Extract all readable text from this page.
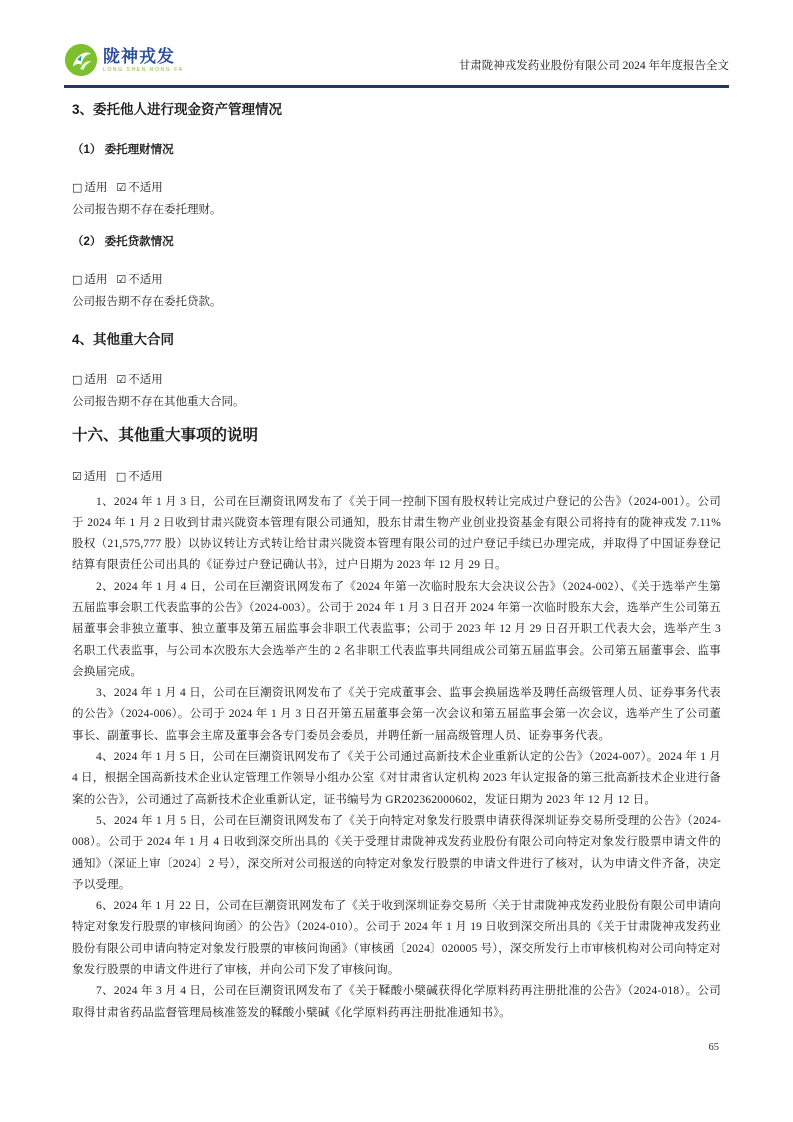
陇神戎发
LONG SHEN RONG FA	甘肃陇神戎发药业股份有限公司 2024 年年度报告全文
3、委托他人进行现金资产管理情况
（1） 委托理财情况
□ 适用 ☑ 不适用
公司报告期不存在委托理财。
（2） 委托贷款情况
□ 适用 ☑ 不适用
公司报告期不存在委托贷款。
4、其他重大合同
□ 适用 ☑ 不适用
公司报告期不存在其他重大合同。
十六、其他重大事项的说明
☑ 适用 □ 不适用

1、2024 年 1 月 3 日，公司在巨潮资讯网发布了《关于同一控制下国有股权转让完成过户登记的公告》（2024-001）。公司于 2024 年 1 月 2 日收到甘肃兴陇资本管理有限公司通知，股东甘肃生物产业创业投资基金有限公司将持有的陇神戎发 7.11%股权（21,575,777 股）以协议转让方式转让给甘肃兴陇资本管理有限公司的过户登记手续已办理完成，并取得了中国证券登记结算有限责任公司出具的《证券过户登记确认书》，过户日期为 2023 年 12 月 29 日。

2、2024 年 1 月 4 日，公司在巨潮资讯网发布了《2024 年第一次临时股东大会决议公告》（2024-002）、《关于选举产生第五届监事会职工代表监事的公告》（2024-003）。公司于 2024 年 1 月 3 日召开 2024 年第一次临时股东大会，选举产生公司第五届董事会非独立董事、独立董事及第五届监事会非职工代表监事；公司于 2023 年 12 月 29 日召开职工代表大会，选举产生 3 名职工代表监事，与公司本次股东大会选举产生的 2 名非职工代表监事共同组成公司第五届监事会。公司第五届董事会、监事会换届完成。

3、2024 年 1 月 4 日，公司在巨潮资讯网发布了《关于完成董事会、监事会换届选举及聘任高级管理人员、证券事务代表的公告》（2024-006）。公司于 2024 年 1 月 3 日召开第五届董事会第一次会议和第五届监事会第一次会议，选举产生了公司董事长、副董事长、监事会主席及董事会各专门委员会委员，并聘任新一届高级管理人员、证券事务代表。

4、2024 年 1 月 5 日，公司在巨潮资讯网发布了《关于公司通过高新技术企业重新认定的公告》（2024-007）。2024 年 1 月 4 日，根据全国高新技术企业认定管理工作领导小组办公室《对甘肃省认定机构 2023 年认定报备的第三批高新技术企业进行备案的公告》，公司通过了高新技术企业重新认定，证书编号为 GR202362000602，发证日期为 2023 年 12 月 12 日。

5、2024 年 1 月 5 日，公司在巨潮资讯网发布了《关于向特定对象发行股票申请获得深圳证券交易所受理的公告》（2024-008）。公司于 2024 年 1 月 4 日收到深交所出具的《关于受理甘肃陇神戎发药业股份有限公司向特定对象发行股票申请文件的通知》（深证上审〔2024〕2 号），深交所对公司报送的向特定对象发行股票的申请文件进行了核对，认为申请文件齐备，决定予以受理。

6、2024 年 1 月 22 日，公司在巨潮资讯网发布了《关于收到深圳证券交易所〈关于甘肃陇神戎发药业股份有限公司申请向特定对象发行股票的审核问询函〉的公告》（2024-010）。公司于 2024 年 1 月 19 日收到深交所出具的《关于甘肃陇神戎发药业股份有限公司申请向特定对象发行股票的审核问询函》（审核函〔2024〕020005 号），深交所发行上市审核机构对公司向特定对象发行股票的申请文件进行了审核，并向公司下发了审核问询。

7、2024 年 3 月 4 日，公司在巨潮资讯网发布了《关于鞣酸小檗碱获得化学原料药再注册批准的公告》（2024-018）。公司取得甘肃省药品监督管理局核准签发的鞣酸小檗碱《化学原料药再注册批准通知书》。

65
